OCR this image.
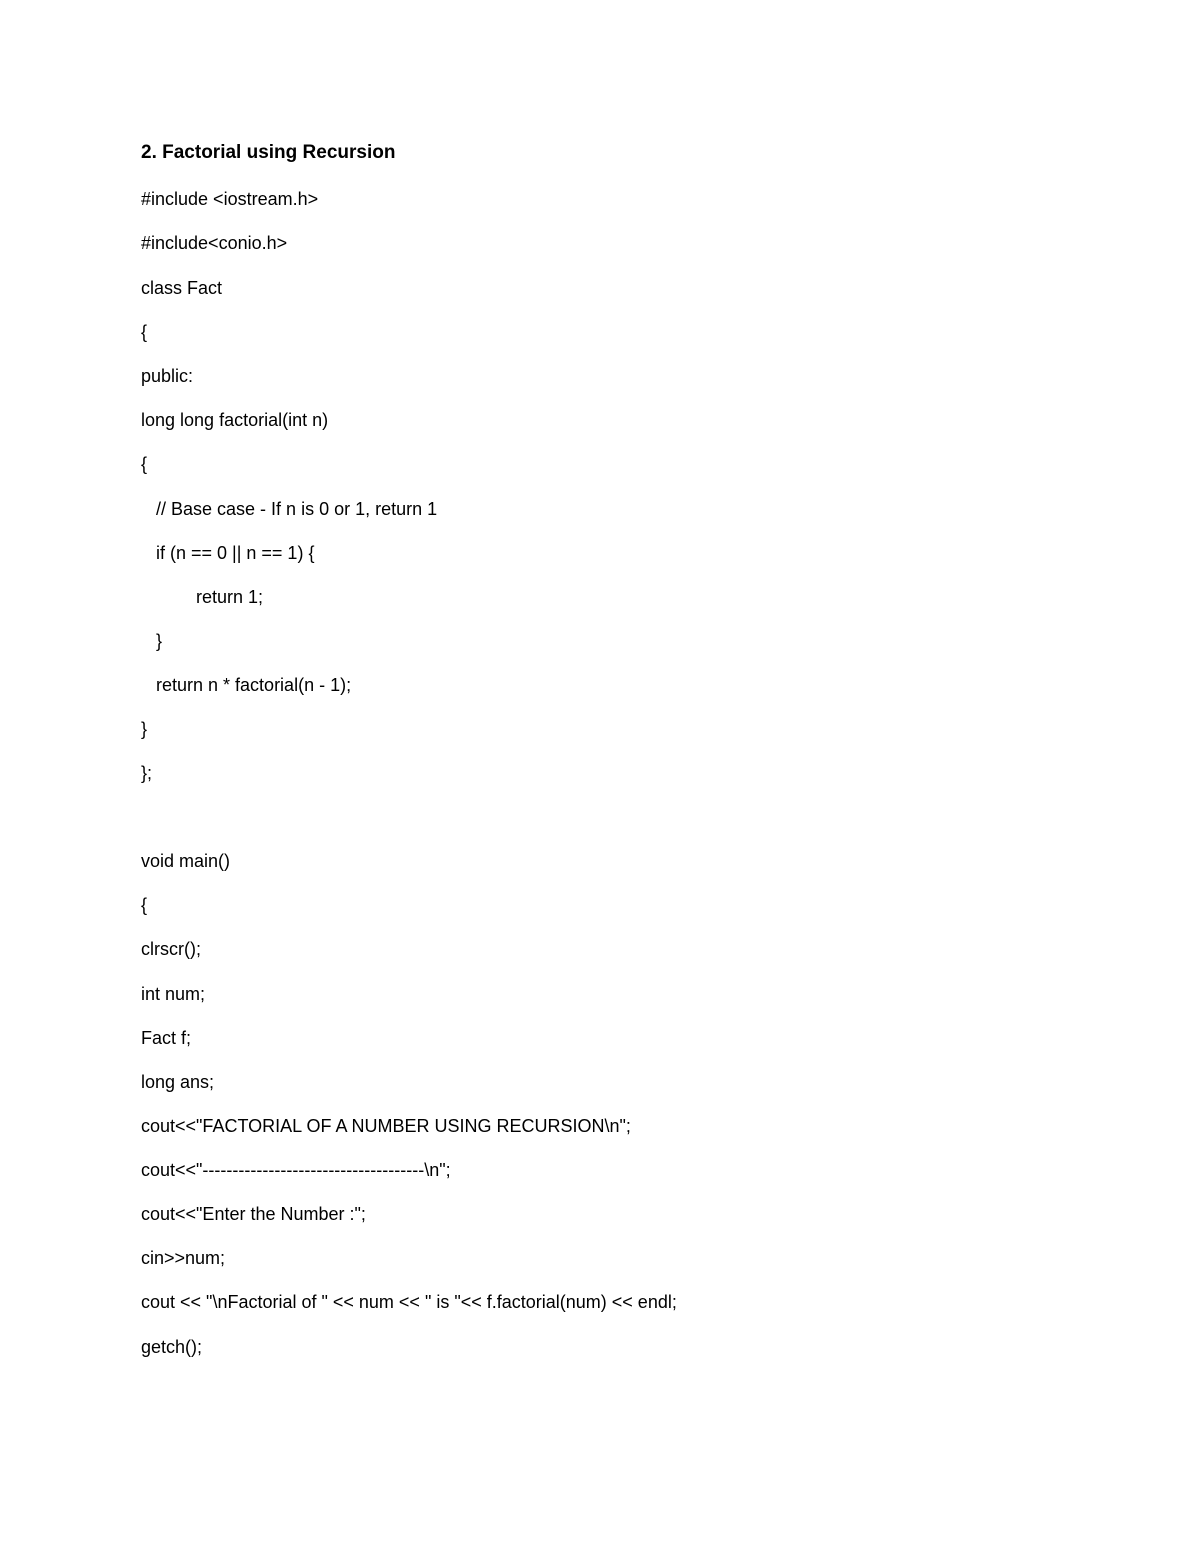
2. Factorial using Recursion
#include <iostream.h>
#include<conio.h>
class Fact
{
public:
long long factorial(int n)
{
// Base case - If n is 0 or 1, return 1
if (n == 0 || n == 1) {
return 1;
}
return n * factorial(n - 1);
}
};
void main()
{
clrscr();
int num;
Fact f;
long ans;
cout<<"FACTORIAL OF A NUMBER USING RECURSION\n";
cout<<"-------------------------------------\n";
cout<<"Enter the Number :";
cin>>num;
cout << "\nFactorial of " << num << " is "<< f.factorial(num) << endl;
getch();
